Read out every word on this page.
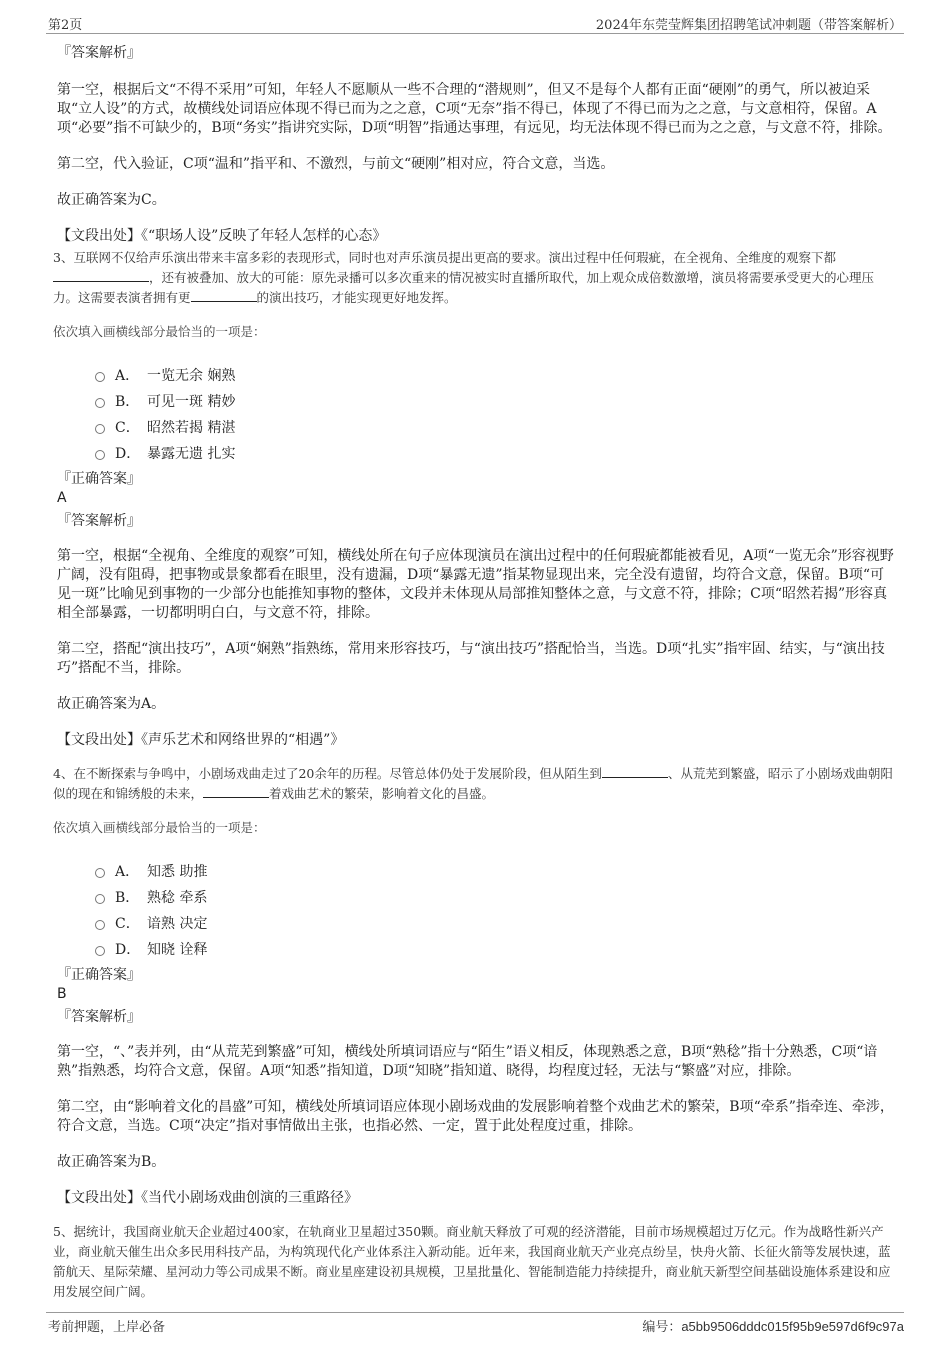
第2页	2024年东莞莹辉集团招聘笔试冲刺题（带答案解析）
『答案解析』
第一空，根据后文“不得不采用”可知，年轻人不愿顺从一些不合理的“潜规则”，但又不是每个人都有正面“硬刚”的勇气，所以被迫采取“立人设”的方式，故横线处词语应体现不得已而为之之意，C项“无奈”指不得已，体现了不得已而为之之意，与文意相符，保留。A项“必要”指不可缺少的，B项“务实”指讲究实际，D项“明智”指通达事理，有远见，均无法体现不得已而为之之意，与文意不符，排除。
第二空，代入验证，C项“温和”指平和、不激烈，与前文“硬刚”相对应，符合文意，当选。
故正确答案为C。
【文段出处】《“职场人设”反映了年轻人怎样的心态》
3、互联网不仅给声乐演出带来丰富多彩的表现形式，同时也对声乐演员提出更高的要求。演出过程中任何瑕疵，在全视角、全维度的观察下都，还有被叠加、放大的可能：原先录播可以多次重来的情况被实时直播所取代，加上观众成倍数激增，演员将需要承受更大的心理压力。这需要表演者拥有更	的演出技巧，才能实现更好地发挥。
依次填入画横线部分最恰当的一项是：
A． 一览无余 娴熟
B． 可见一斑 精妙
C． 昭然若揭 精湛
D． 暴露无遗 扎实
『正确答案』
A
『答案解析』
第一空，根据“全视角、全维度的观察”可知，横线处所在句子应体现演员在演出过程中的任何瑕疵都能被看见，A项“一览无余”形容视野广阔，没有阻碍，把事物或景象都看在眼里，没有遗漏，D项“暴露无遗”指某物显现出来，完全没有遗留，均符合文意，保留。B项“可见一斑”比喻见到事物的一少部分也能推知事物的整体，文段并未体现从局部推知整体之意，与文意不符，排除；C项“昭然若揭”形容真相全部暴露，一切都明明白白，与文意不符，排除。
第二空，搭配“演出技巧”，A项“娴熟”指熟练，常用来形容技巧，与“演出技巧”搭配恰当，当选。D项“扎实”指牢固、结实，与“演出技巧”搭配不当，排除。
故正确答案为A。
【文段出处】《声乐艺术和网络世界的“相遇”》
4、在不断探索与争鸣中，小剧场戏曲走过了20余年的历程。尽管总体仍处于发展阶段，但从陌生到	、从荒芜到繁盛，昭示了小剧场戏曲朝阳似的现在和锦绣般的未来，	着戏曲艺术的繁荣，影响着文化的昌盛。
依次填入画横线部分最恰当的一项是：
A． 知悉 助推
B． 熟稔 牵系
C． 谙熟 决定
D． 知晓 诠释
『正确答案』
B
『答案解析』
第一空，“、”表并列，由“从荒芜到繁盛”可知，横线处所填词语应与“陌生”语义相反，体现熟悉之意，B项“熟稔”指十分熟悉，C项“谙熟”指熟悉，均符合文意，保留。A项“知悉”指知道，D项“知晓”指知道、晓得，均程度过轻，无法与“繁盛”对应，排除。
第二空，由“影响着文化的昌盛”可知，横线处所填词语应体现小剧场戏曲的发展影响着整个戏曲艺术的繁荣，B项“牵系”指牵连、牵涉，符合文意，当选。C项“决定”指对事情做出主张，也指必然、一定，置于此处程度过重，排除。
故正确答案为B。
【文段出处】《当代小剧场戏曲创演的三重路径》
5、据统计，我国商业航天企业超过400家，在轨商业卫星超过350颗。商业航天释放了可观的经济潜能，目前市场规模超过万亿元。作为战略性新兴产业，商业航天催生出众多民用科技产品，为构筑现代化产业体系注入新动能。近年来，我国商业航天产业亮点纷呈，快舟火箭、长征火箭等发展快速，蓝箭航天、星际荣耀、星河动力等公司成果不断。商业星座建设初具规模，卫星批量化、智能制造能力持续提升，商业航天新型空间基础设施体系建设和应用发展空间广阔。
考前押题，上岸必备	编号：a5bb9506dddc015f95b9e597d6f9c97a
